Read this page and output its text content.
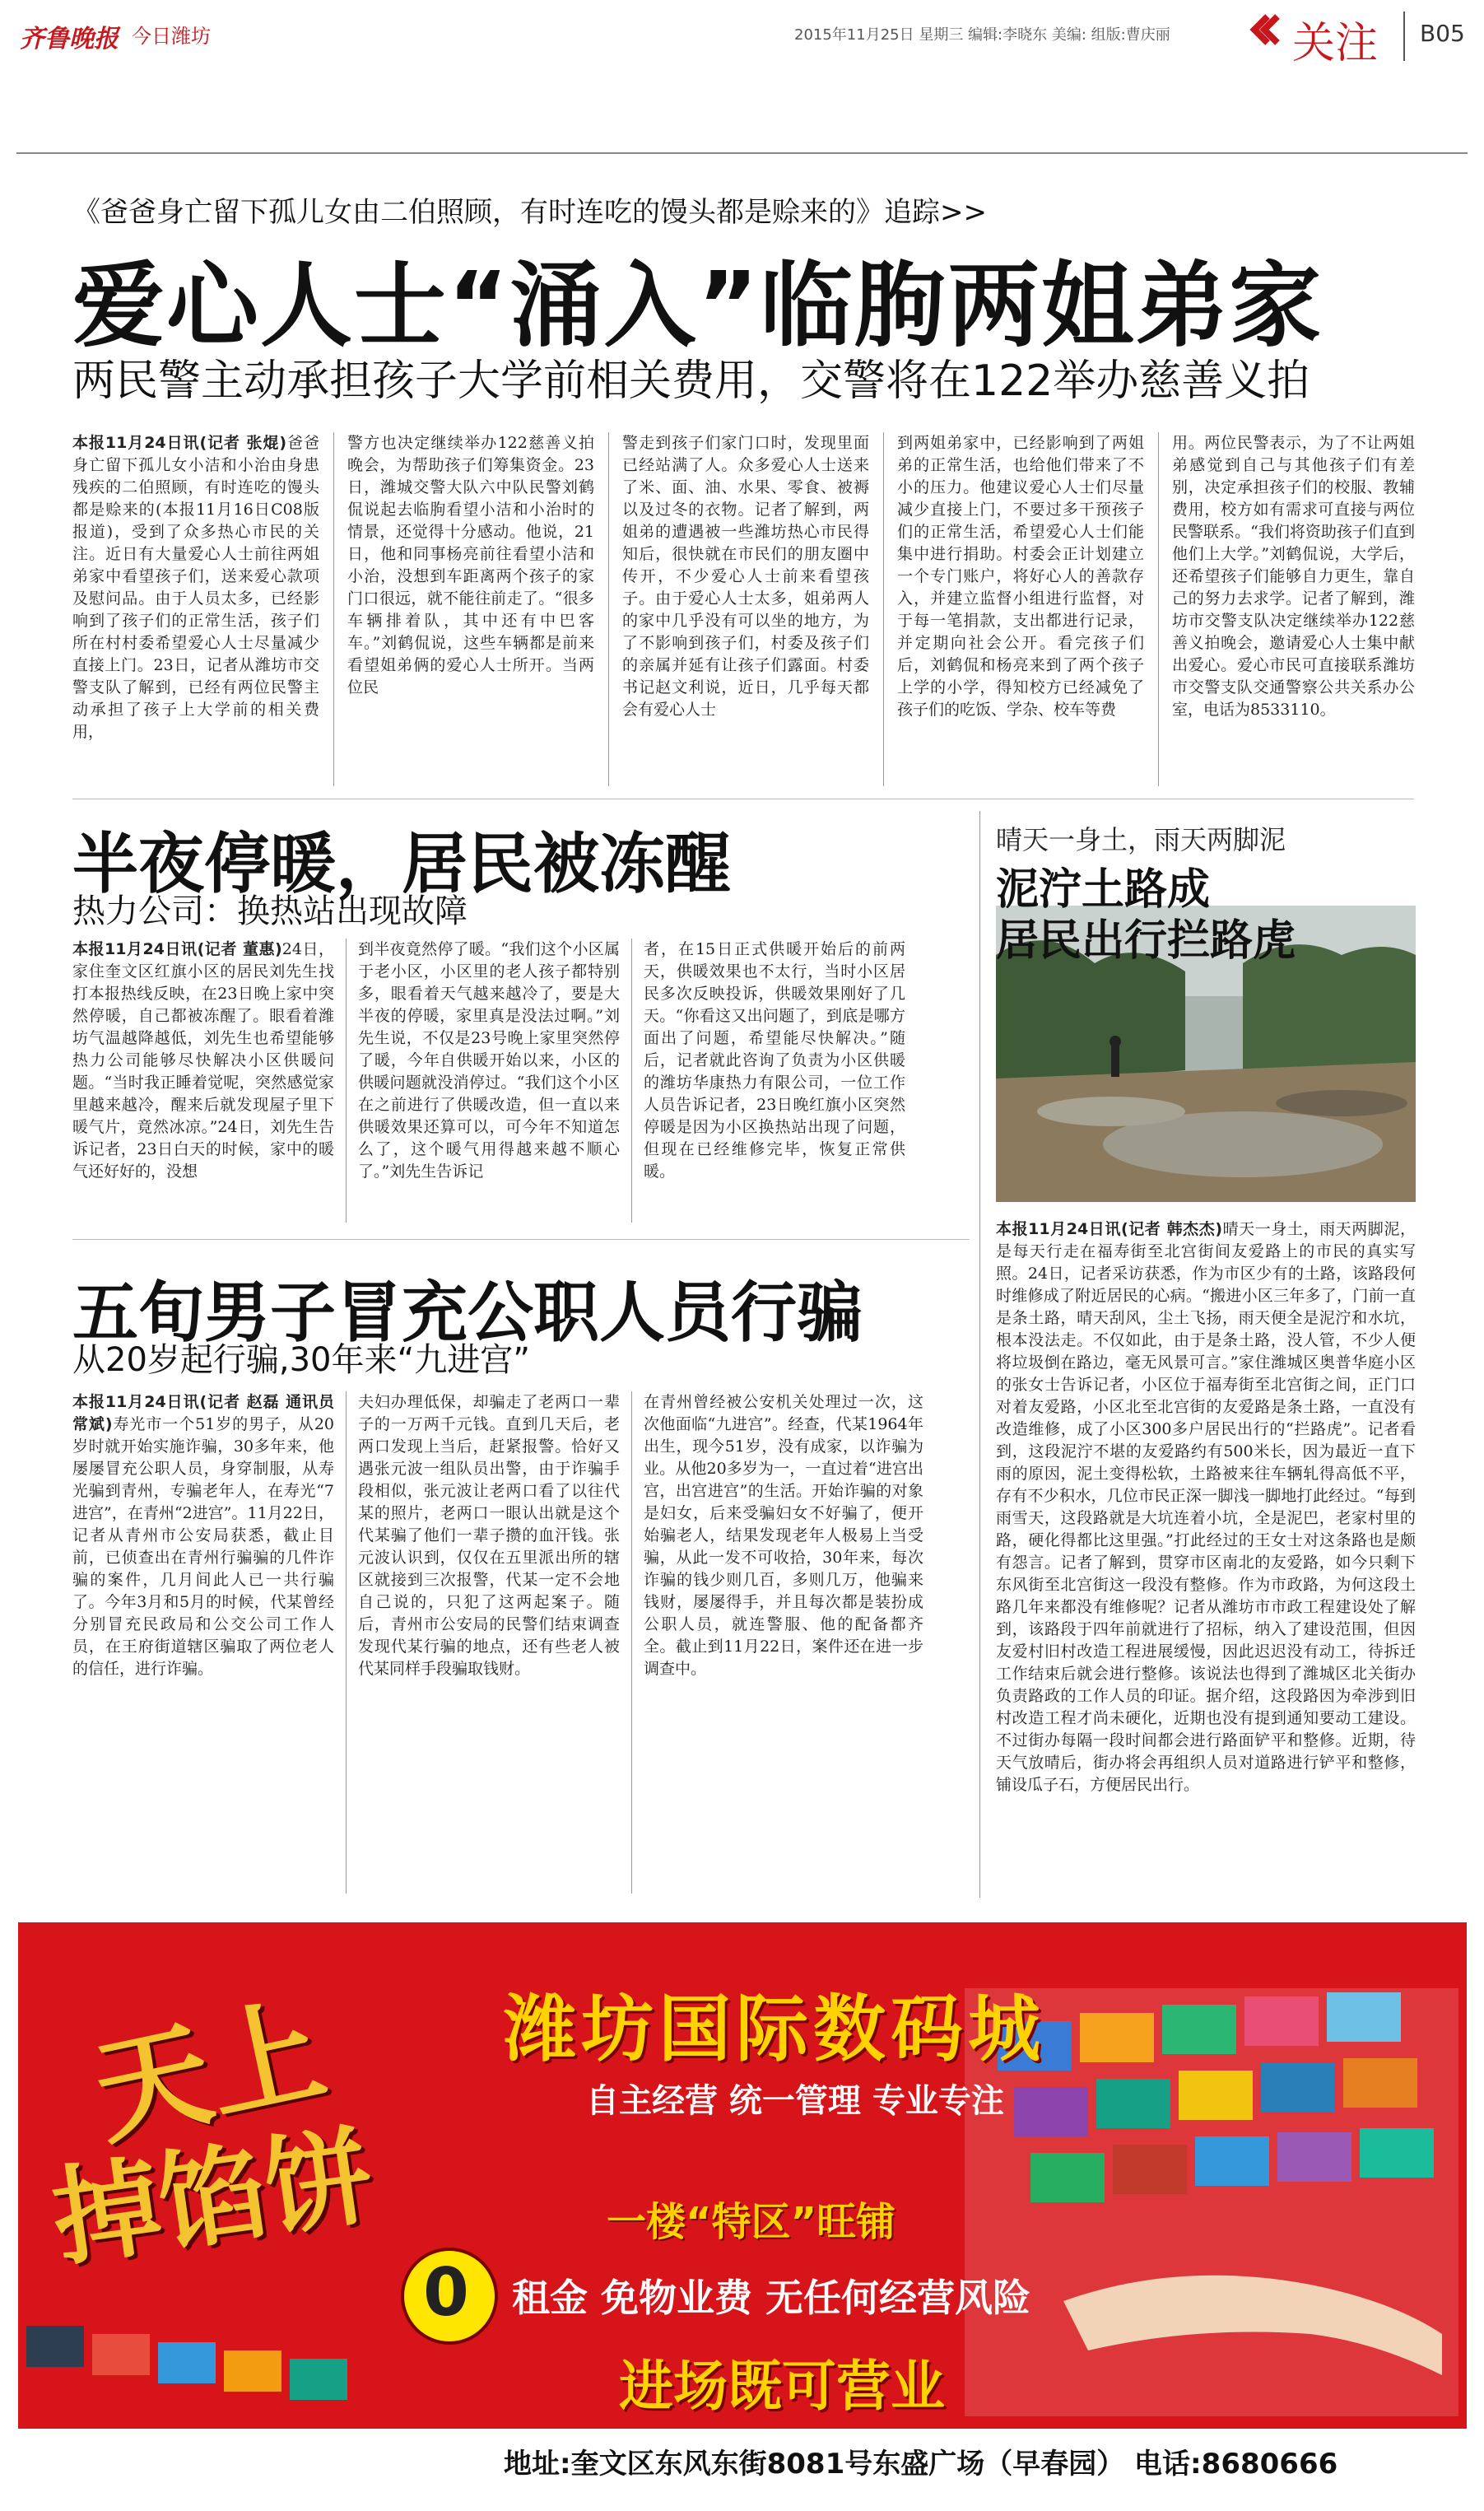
齐鲁晚报 今日潍坊	2015年11月25日 星期三 编辑:李晓东 美编: 组版:曹庆丽	关注 B05
《爸爸身亡留下孤儿女由二伯照顾，有时连吃的馒头都是赊来的》追踪>>
爱心人士“涌入”临朐两姐弟家
两民警主动承担孩子大学前相关费用，交警将在122举办慈善义拍
本报11月24日讯(记者 张焜)爸爸身亡留下孤儿女小洁和小治由身患残疾的二伯照顾，有时连吃的馒头都是赊来的(本报11月16日C08版报道)，受到了众多热心市民的关注。近日有大量爱心人士前往两姐弟家中看望孩子们，送来爱心款项及慰问品。由于人员太多，已经影响到了孩子们的正常生活，孩子们所在村村委希望爱心人士尽量减少直接上门。23日，记者从潍坊市交警支队了解到，已经有两位民警主动承担了孩子上大学前的相关费用，
警方也决定继续举办122慈善义拍晚会，为帮助孩子们筹集资金。23日，潍城交警大队六中队民警刘鹤侃说起去临朐看望小洁和小治时的情景，还觉得十分感动。他说，21日，他和同事杨亮前往看望小洁和小治，没想到车距离两个孩子的家门口很远，就不能往前走了。“很多车辆排着队，其中还有中巴客车。”刘鹤侃说，这些车辆都是前来看望姐弟俩的爱心人士所开。当两位民
警走到孩子们家门口时，发现里面已经站满了人。众多爱心人士送来了米、面、油、水果、零食、被褥以及过冬的衣物。记者了解到，两姐弟的遭遇被一些潍坊热心市民得知后，很快就在市民们的朋友圈中传开，不少爱心人士前来看望孩子。由于爱心人士太多，姐弟两人的家中几乎没有可以坐的地方，为了不影响到孩子们，村委及孩子们的亲属并延有让孩子们露面。村委书记赵文利说，近日，几乎每天都会有爱心人士
到两姐弟家中，已经影响到了两姐弟的正常生活，也给他们带来了不小的压力。他建议爱心人士们尽量减少直接上门，不要过多干预孩子们的正常生活，希望爱心人士们能集中进行捐助。村委会正计划建立一个专门账户，将好心人的善款存入，并建立监督小组进行监督，对于每一笔捐款，支出都进行记录，并定期向社会公开。看完孩子们后，刘鹤侃和杨亮来到了两个孩子上学的小学，得知校方已经减免了孩子们的吃饭、学杂、校车等费
用。两位民警表示，为了不让两姐弟感觉到自己与其他孩子们有差别，决定承担孩子们的校服、教辅费用，校方如有需求可直接与两位民警联系。“我们将资助孩子们直到他们上大学。”刘鹤侃说，大学后，还希望孩子们能够自力更生，靠自己的努力去求学。记者了解到，潍坊市交警支队决定继续举办122慈善义拍晚会，邀请爱心人士集中献出爱心。爱心市民可直接联系潍坊市交警支队交通警察公共关系办公室，电话为8533110。
半夜停暖，居民被冻醒
热力公司：换热站出现故障
本报11月24日讯(记者 董惠)24日，家住奎文区红旗小区的居民刘先生找打本报热线反映，在23日晚上家中突然停暖，自己都被冻醒了。眼看着潍坊气温越降越低，刘先生也希望能够热力公司能够尽快解决小区供暖问题。“当时我正睡着觉呢，突然感觉家里越来越冷，醒来后就发现屋子里下暖气片，竟然冰凉。”24日，刘先生告诉记者，23日白天的时候，家中的暖气还好好的，没想
到半夜竟然停了暖。“我们这个小区属于老小区，小区里的老人孩子都特别多，眼看着天气越来越冷了，要是大半夜的停暖，家里真是没法过啊。”刘先生说，不仅是23号晚上家里突然停了暖，今年自供暖开始以来，小区的供暖问题就没消停过。“我们这个小区在之前进行了供暖改造，但一直以来供暖效果还算可以，可今年不知道怎么了，这个暖气用得越来越不顺心了。”刘先生告诉记
者，在15日正式供暖开始后的前两天，供暖效果也不太行，当时小区居民多次反映投诉，供暖效果刚好了几天。“你看这又出问题了，到底是哪方面出了问题，希望能尽快解决。”随后，记者就此咨询了负责为小区供暖的潍坊华康热力有限公司，一位工作人员告诉记者，23日晚红旗小区突然停暖是因为小区换热站出现了问题，但现在已经维修完毕，恢复正常供暖。
五旬男子冒充公职人员行骗
从20岁起行骗,30年来“九进宫”
本报11月24日讯(记者 赵磊 通讯员 常斌)寿光市一个51岁的男子，从20岁时就开始实施诈骗，30多年来，他屡屡冒充公职人员，身穿制服，从寿光骗到青州，专骗老年人，在寿光“7进宫”，在青州“2进宫”。11月22日，记者从青州市公安局获悉，截止目前，已侦查出在青州行骗骗的几件诈骗的案件，几月间此人已一共行骗了。今年3月和5月的时候，代某曾经分别冒充民政局和公交公司工作人员，在王府街道辖区骗取了两位老人的信任，进行诈骗。
夫妇办理低保，却骗走了老两口一辈子的一万两千元钱。直到几天后，老两口发现上当后，赶紧报警。恰好又遇张元波一组队员出警，由于诈骗手段相似，张元波让老两口看了以往代某的照片，老两口一眼认出就是这个代某骗了他们一辈子攒的血汗钱。张元波认识到，仅仅在五里派出所的辖区就接到三次报警，代某一定不会地自己说的，只犯了这两起案子。随后，青州市公安局的民警们结束调查发现代某行骗的地点，还有些老人被代某同样手段骗取钱财。
在青州曾经被公安机关处理过一次，这次他面临“九进宫”。经查，代某1964年出生，现今51岁，没有成家，以诈骗为业。从他20多岁为一，一直过着“进宫出宫，出宫进宫”的生活。开始诈骗的对象是妇女，后来受骗妇女不好骗了，便开始骗老人，结果发现老年人极易上当受骗，从此一发不可收拾，30年来，每次诈骗的钱少则几百，多则几万，他骗来钱财，屡屡得手，并且每次都是装扮成公职人员，就连警服、他的配备都齐全。截止到11月22日，案件还在进一步调查中。
晴天一身土，雨天两脚泥
泥泞土路成
居民出行拦路虎
本报11月24日讯(记者 韩杰杰)晴天一身土，雨天两脚泥，是每天行走在福寿街至北宫街间友爱路上的市民的真实写照。24日，记者采访获悉，作为市区少有的土路，该路段何时维修成了附近居民的心病。“搬进小区三年多了，门前一直是条土路，晴天刮风，尘土飞扬，雨天便全是泥泞和水坑，根本没法走。不仅如此，由于是条土路，没人管，不少人便将垃圾倒在路边，毫无风景可言。”家住潍城区奥普华庭小区的张女士告诉记者，小区位于福寿街至北宫街之间，正门口对着友爱路，小区北至北宫街的友爱路是条土路，一直没有改造维修，成了小区300多户居民出行的“拦路虎”。记者看到，这段泥泞不堪的友爱路约有500米长，因为最近一直下雨的原因，泥土变得松软，土路被来往车辆轧得高低不平，存有不少积水，几位市民正深一脚浅一脚地打此经过。“每到雨雪天，这段路就是大坑连着小坑，全是泥巴，老家村里的路，硬化得都比这里强。”打此经过的王女士对这条路也是颇有怨言。记者了解到，贯穿市区南北的友爱路，如今只剩下东风街至北宫街这一段没有整修。作为市政路，为何这段土路几年来都没有维修呢？记者从潍坊市市政工程建设处了解到，该路段于四年前就进行了招标，纳入了建设范围，但因友爱村旧村改造工程进展缓慢，因此迟迟没有动工，待拆迁工作结束后就会进行整修。该说法也得到了潍城区北关街办负责路政的工作人员的印证。据介绍，这段路因为牵涉到旧村改造工程才尚未硬化，近期也没有提到通知要动工建设。不过街办每隔一段时间都会进行路面铲平和整修。近期，待天气放晴后，街办将会再组织人员对道路进行铲平和整修，铺设瓜子石，方便居民出行。
天上
掉馅饼
潍坊国际数码城
自主经营 统一管理 专业专注
一楼“特区”旺铺
0	租金 免物业费 无任何经营风险
进场既可营业
地址:奎文区东风东街8081号东盛广场（早春园） 电话:8680666
